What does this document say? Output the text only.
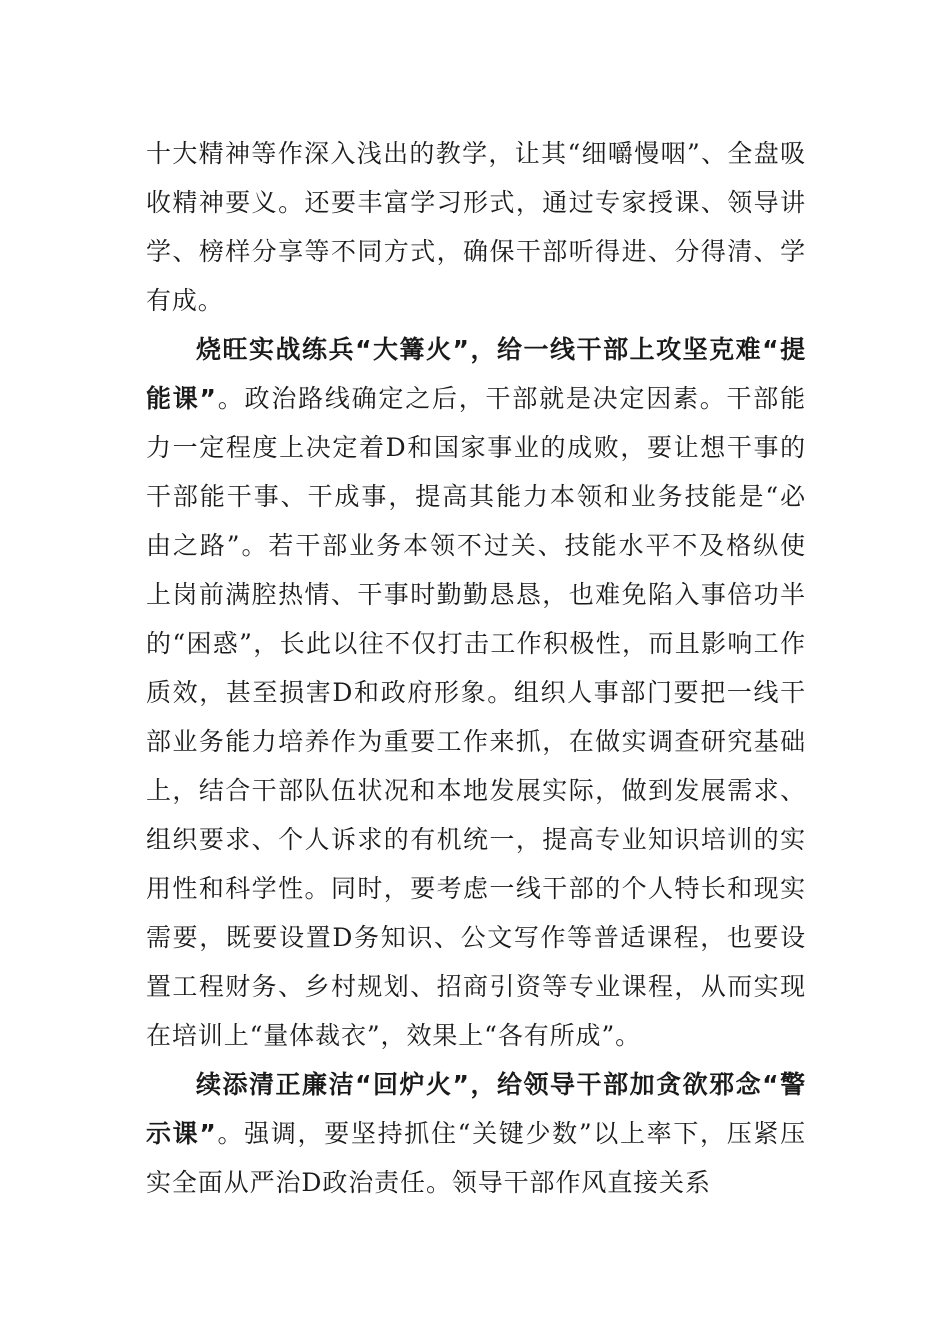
十大精神等作深入浅出的教学，让其“细嚼慢咽”、全盘吸收精神要义。还要丰富学习形式，通过专家授课、领导讲学、榜样分享等不同方式，确保干部听得进、分得清、学有成。

烧旺实战练兵“大篝火”，给一线干部上攻坚克难“提能课”。政治路线确定之后，干部就是决定因素。干部能力一定程度上决定着D和国家事业的成败，要让想干事的干部能干事、干成事，提高其能力本领和业务技能是“必由之路”。若干部业务本领不过关、技能水平不及格纵使上岗前满腔热情、干事时勤勤恳恳，也难免陷入事倍功半的“困惑”，长此以往不仅打击工作积极性，而且影响工作质效，甚至损害D和政府形象。组织人事部门要把一线干部业务能力培养作为重要工作来抓，在做实调查研究基础上，结合干部队伍状况和本地发展实际，做到发展需求、组织要求、个人诉求的有机统一，提高专业知识培训的实用性和科学性。同时，要考虑一线干部的个人特长和现实需要，既要设置D务知识、公文写作等普适课程，也要设置工程财务、乡村规划、招商引资等专业课程，从而实现在培训上“量体裁衣”，效果上“各有所成”。

续添清正廉洁“回炉火”，给领导干部加贪欲邪念“警示课”。强调，要坚持抓住“关键少数”以上率下，压紧压实全面从严治D政治责任。领导干部作风直接关系
